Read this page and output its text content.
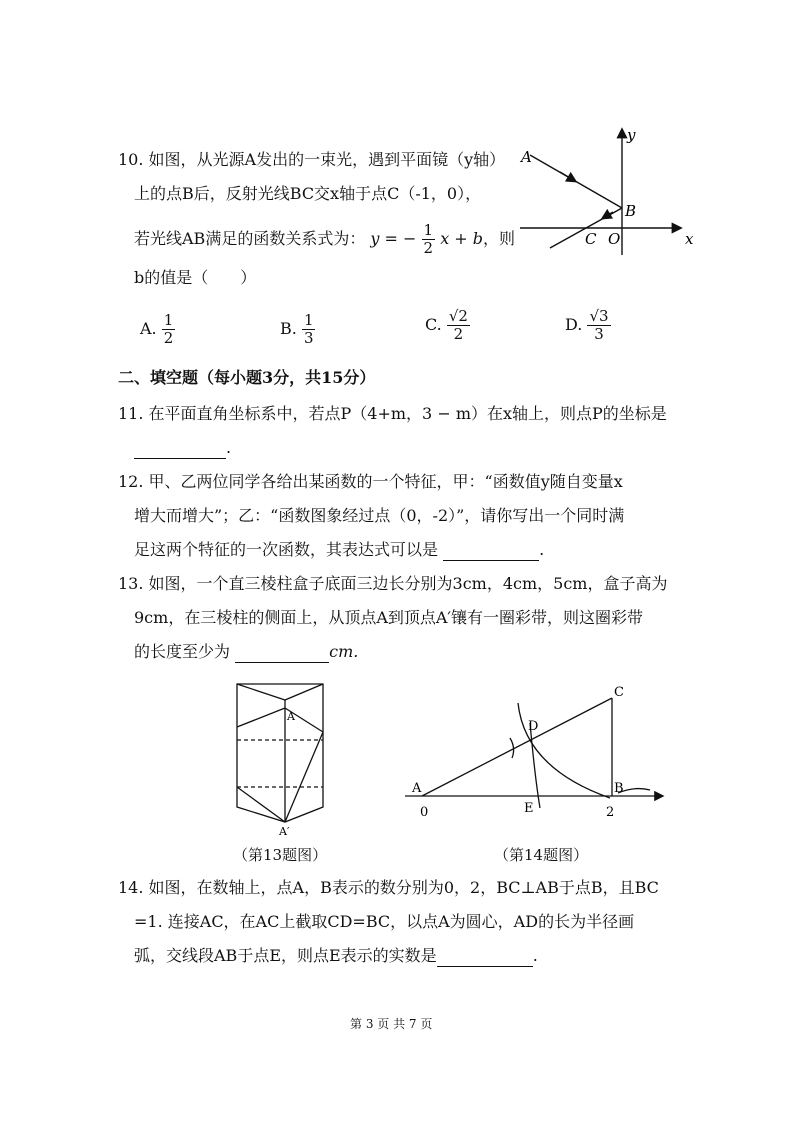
10. 如图，从光源A发出的一束光，遇到平面镜（y轴）
上的点B后，反射光线BC交x轴于点C（-1，0），
若光线AB满足的函数关系式为： y = − $\frac{1}{2}$ x + b，则
b的值是（　　）
A. $\frac{1}{2}$	B. $\frac{1}{3}$	C. $\frac{√2}{2}$	D. $\frac{√3}{3}$
A
B
C O	x
y
二、填空题（每小题3分，共15分）
11. 在平面直角坐标系中，若点P（4+m，3 − m）在x轴上，则点P的坐标是
.
12. 甲、乙两位同学各给出某函数的一个特征，甲：“函数值y随自变量x
增大而增大”；乙：“函数图象经过点（0，-2）”，请你写出一个同时满
足这两个特征的一次函数，其表达式可以是	.
13. 如图，一个直三棱柱盒子底面三边长分别为3cm，4cm，5cm，盒子高为
9cm，在三棱柱的侧面上，从顶点A到顶点A′镶有一圈彩带，则这圈彩带
的长度至少为	cm.
A
A′
（第13题图）
A	B
C
D
E
0	2
（第14题图）
14. 如图，在数轴上，点A，B表示的数分别为0，2，BC⊥AB于点B，且BC
=1. 连接AC，在AC上截取CD=BC，以点A为圆心，AD的长为半径画
弧，交线段AB于点E，则点E表示的实数是	.
第 3 页 共 7 页
